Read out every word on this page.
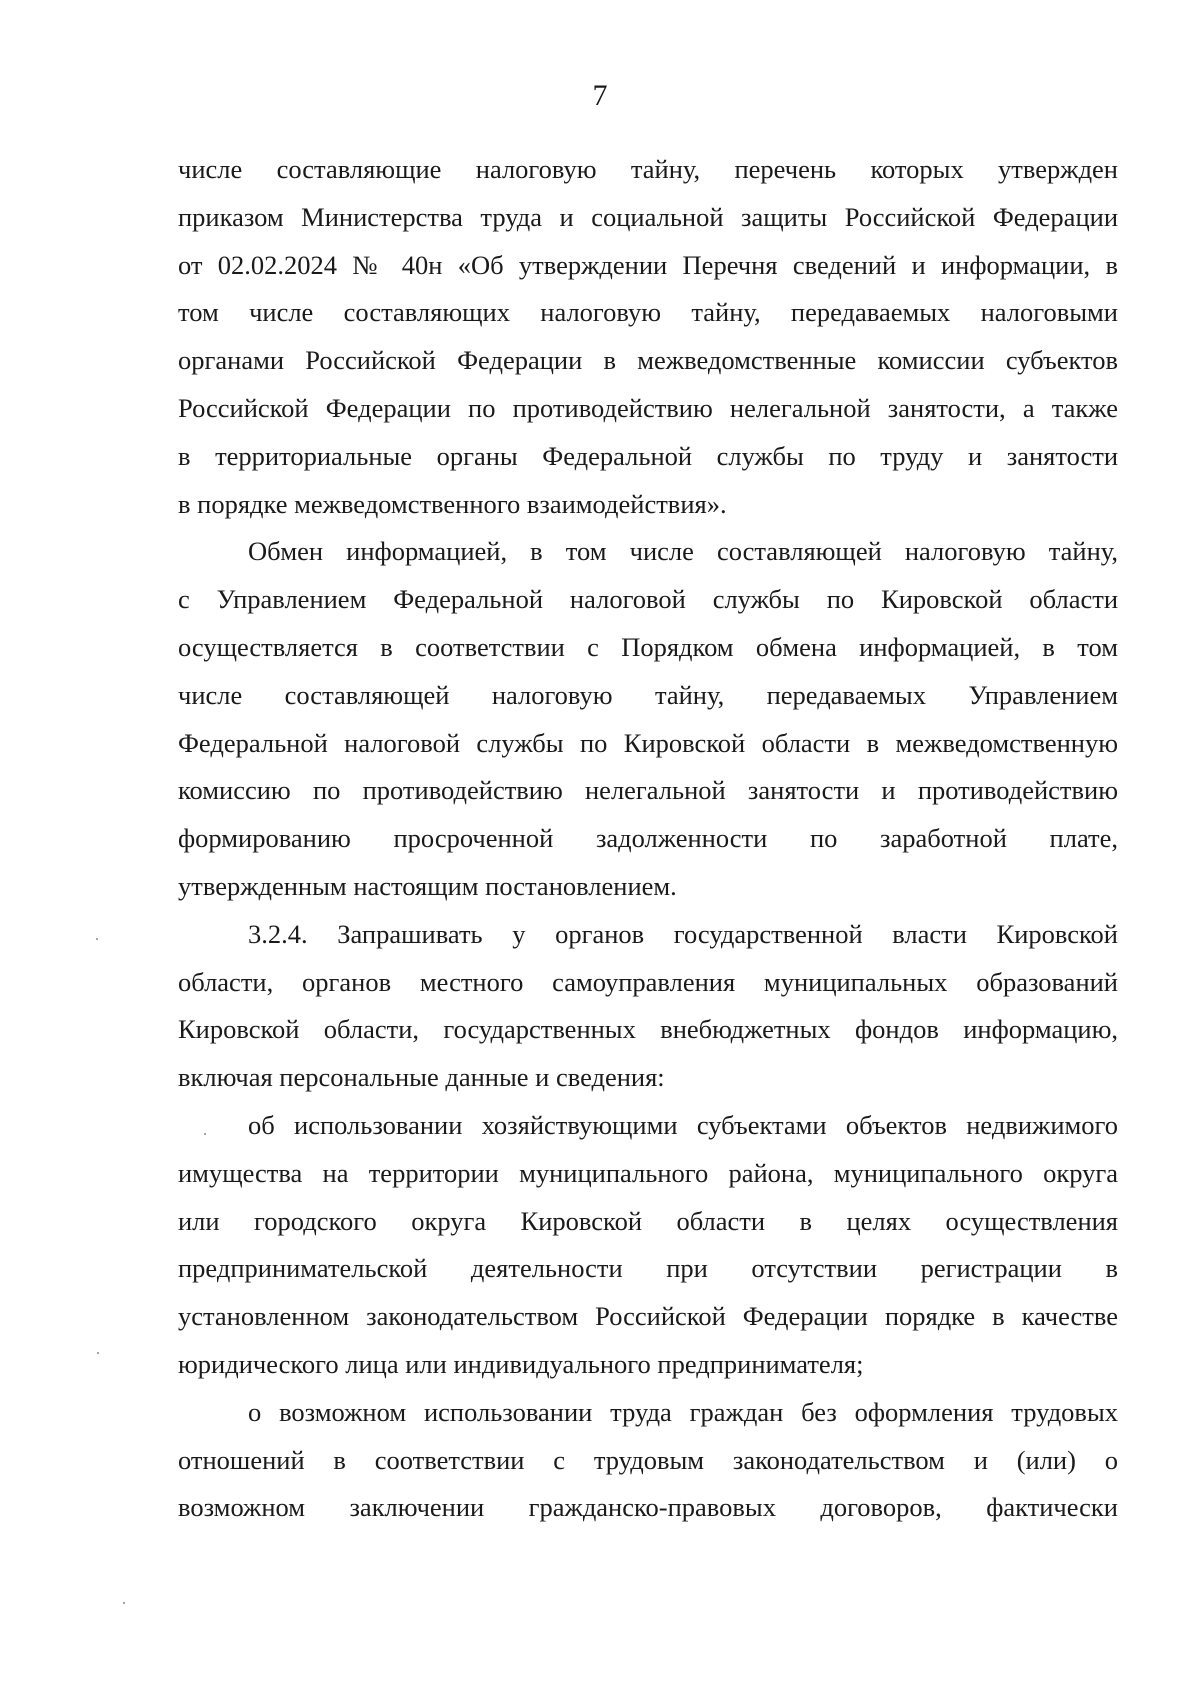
7
числе составляющие налоговую тайну, перечень которых утвержден
приказом Министерства труда и социальной защиты Российской Федерации
от 02.02.2024 № 40н «Об утверждении Перечня сведений и информации, в
том числе составляющих налоговую тайну, передаваемых налоговыми
органами Российской Федерации в межведомственные комиссии субъектов
Российской Федерации по противодействию нелегальной занятости, а также
в территориальные органы Федеральной службы по труду и занятости
в порядке межведомственного взаимодействия».
Обмен информацией, в том числе составляющей налоговую тайну,
с Управлением Федеральной налоговой службы по Кировской области
осуществляется в соответствии с Порядком обмена информацией, в том
числе составляющей налоговую тайну, передаваемых Управлением
Федеральной налоговой службы по Кировской области в межведомственную
комиссию по противодействию нелегальной занятости и противодействию
формированию просроченной задолженности по заработной плате,
утвержденным настоящим постановлением.
3.2.4. Запрашивать у органов государственной власти Кировской
области, органов местного самоуправления муниципальных образований
Кировской области, государственных внебюджетных фондов информацию,
включая персональные данные и сведения:
об использовании хозяйствующими субъектами объектов недвижимого
имущества на территории муниципального района, муниципального округа
или городского округа Кировской области в целях осуществления
предпринимательской деятельности при отсутствии регистрации в
установленном законодательством Российской Федерации порядке в качестве
юридического лица или индивидуального предпринимателя;
о возможном использовании труда граждан без оформления трудовых
отношений в соответствии с трудовым законодательством и (или) о
возможном заключении гражданско-правовых договоров, фактически
